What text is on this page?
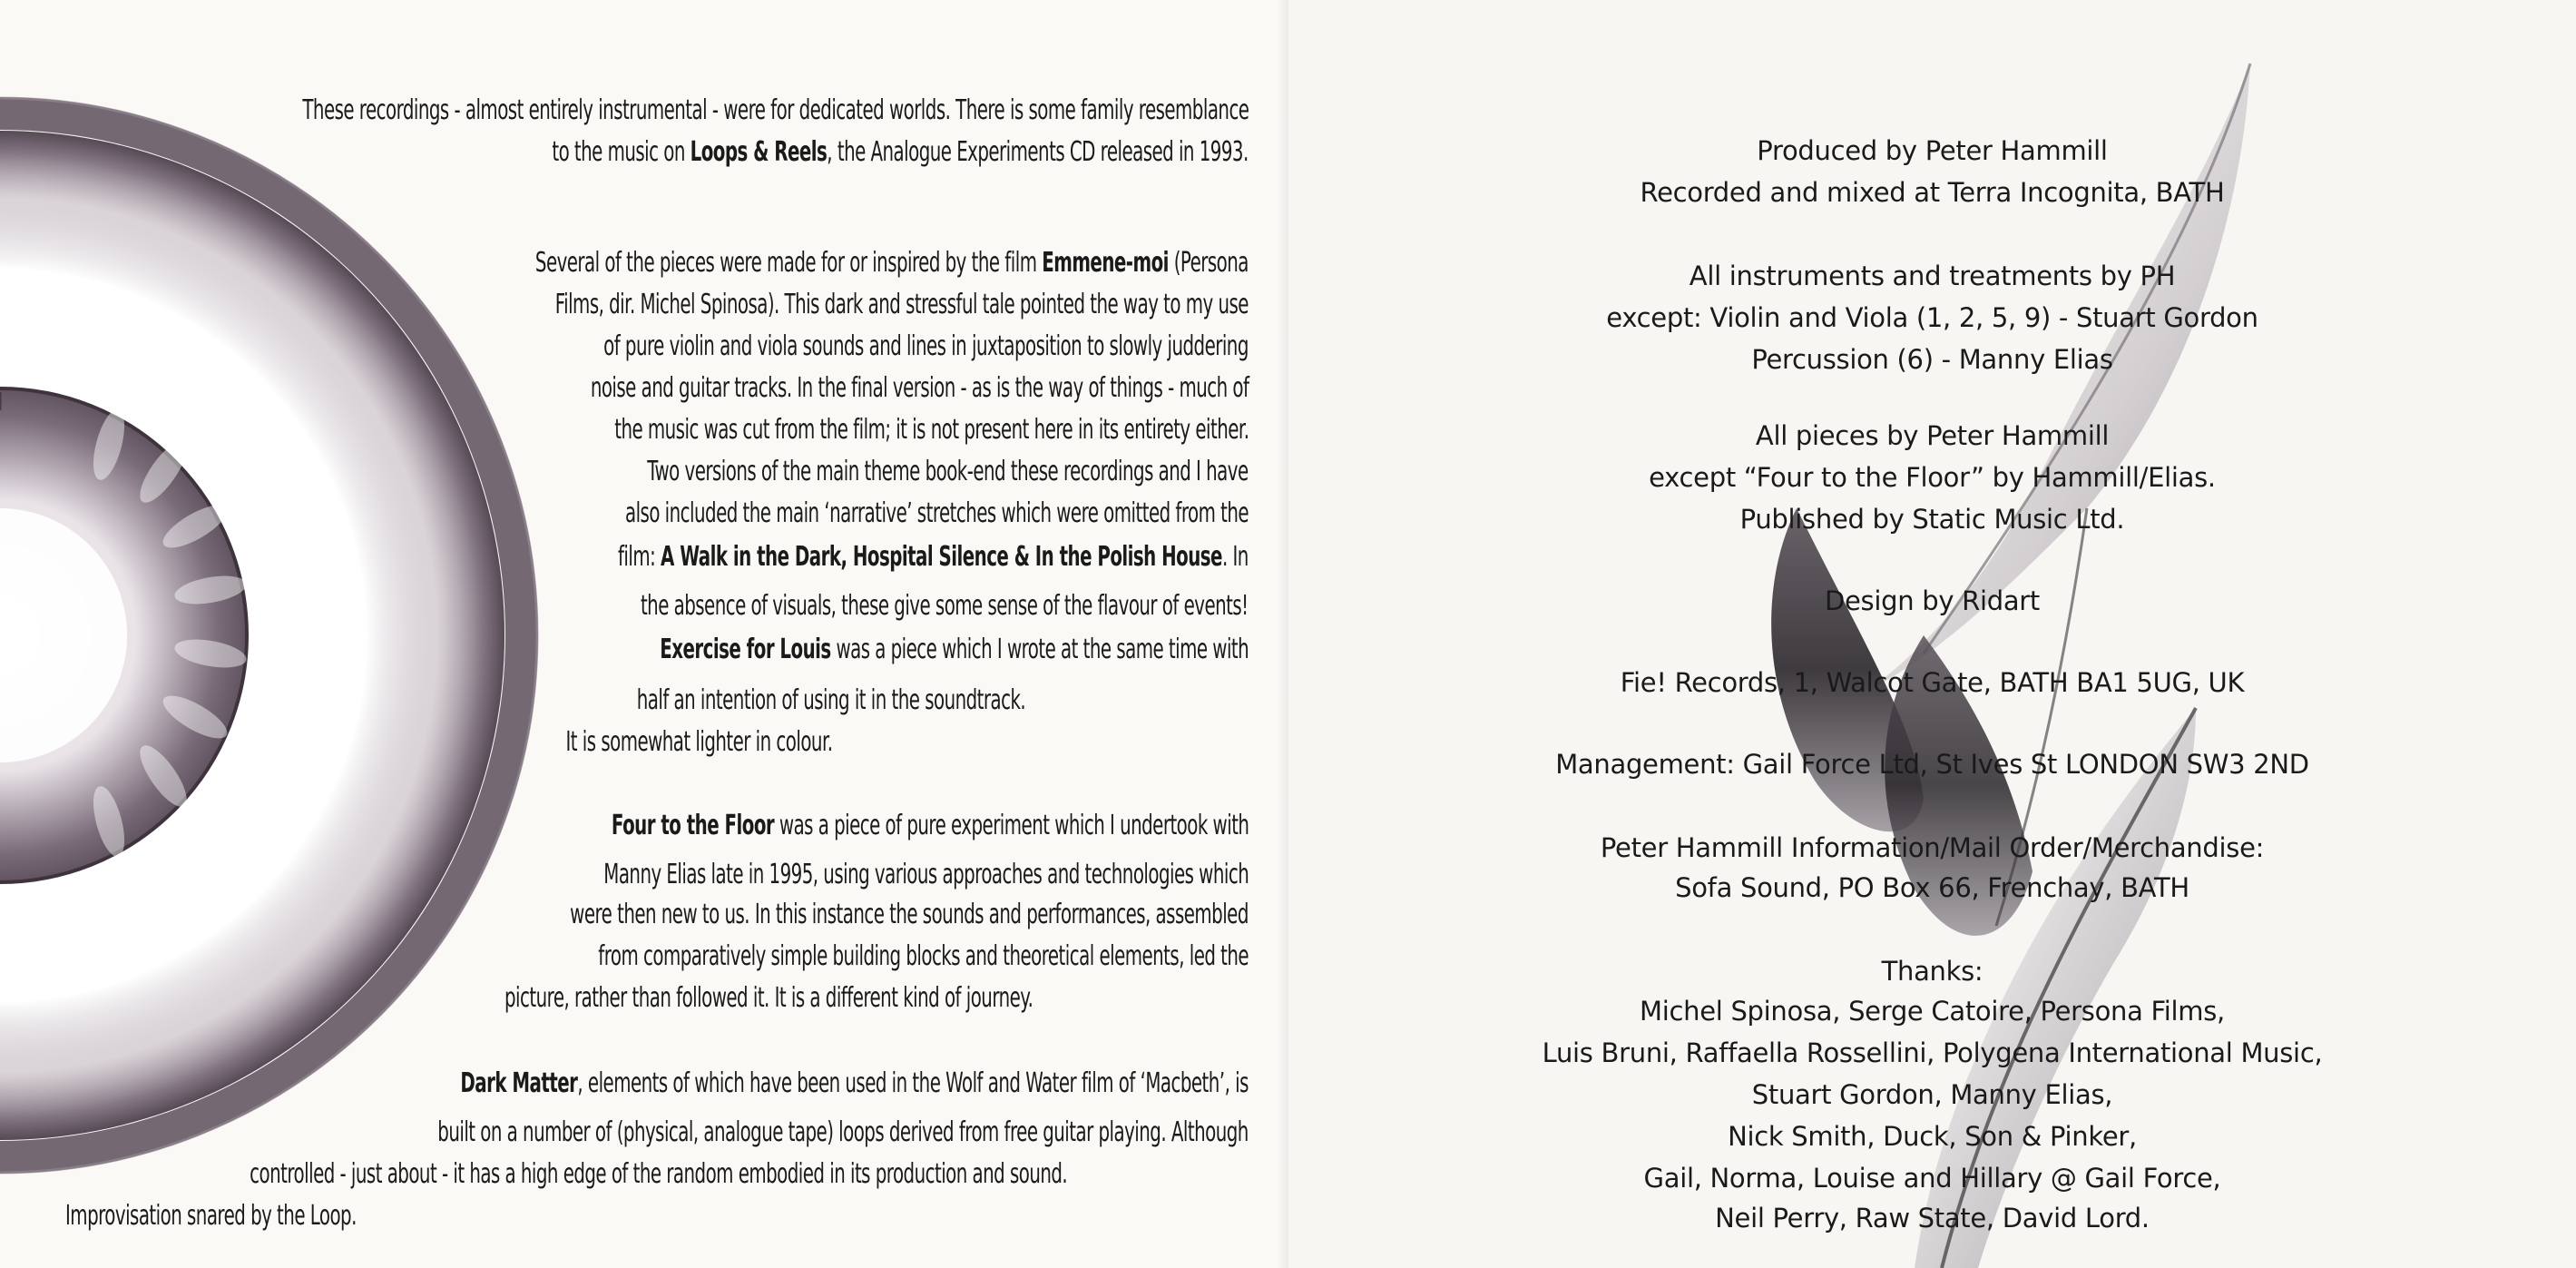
These recordings - almost entirely instrumental - were for dedicated worlds. There is some family resemblance
to the music on Loops & Reels, the Analogue Experiments CD released in 1993.
Several of the pieces were made for or inspired by the film Emmene-moi (Persona
Films, dir. Michel Spinosa). This dark and stressful tale pointed the way to my use
of pure violin and viola sounds and lines in juxtaposition to slowly juddering
noise and guitar tracks. In the final version - as is the way of things - much of
the music was cut from the film; it is not present here in its entirety either.
Two versions of the main theme book-end these recordings and I have
also included the main ‘narrative’ stretches which were omitted from the
film: A Walk in the Dark, Hospital Silence & In the Polish House. In
the absence of visuals, these give some sense of the flavour of events!
Exercise for Louis was a piece which I wrote at the same time with
half an intention of using it in the soundtrack.
It is somewhat lighter in colour.
Four to the Floor was a piece of pure experiment which I undertook with
Manny Elias late in 1995, using various approaches and technologies which
were then new to us. In this instance the sounds and performances, assembled
from comparatively simple building blocks and theoretical elements, led the
picture, rather than followed it. It is a different kind of journey.
Dark Matter, elements of which have been used in the Wolf and Water film of ‘Macbeth’, is
built on a number of (physical, analogue tape) loops derived from free guitar playing. Although
controlled - just about - it has a high edge of the random embodied in its production and sound.
Improvisation snared by the Loop.
Produced by Peter Hammill
Recorded and mixed at Terra Incognita, BATH
All instruments and treatments by PH
except: Violin and Viola (1, 2, 5, 9) - Stuart Gordon
Percussion (6) - Manny Elias
All pieces by Peter Hammill
except “Four to the Floor” by Hammill/Elias.
Published by Static Music Ltd.
Design by Ridart
Fie! Records, 1, Walcot Gate, BATH BA1 5UG, UK
Management: Gail Force Ltd, St Ives St LONDON SW3 2ND
Peter Hammill Information/Mail Order/Merchandise:
Sofa Sound, PO Box 66, Frenchay, BATH
Thanks:
Michel Spinosa, Serge Catoire, Persona Films,
Luis Bruni, Raffaella Rossellini, Polygena International Music,
Stuart Gordon, Manny Elias,
Nick Smith, Duck, Son & Pinker,
Gail, Norma, Louise and Hillary @ Gail Force,
Neil Perry, Raw State, David Lord.
